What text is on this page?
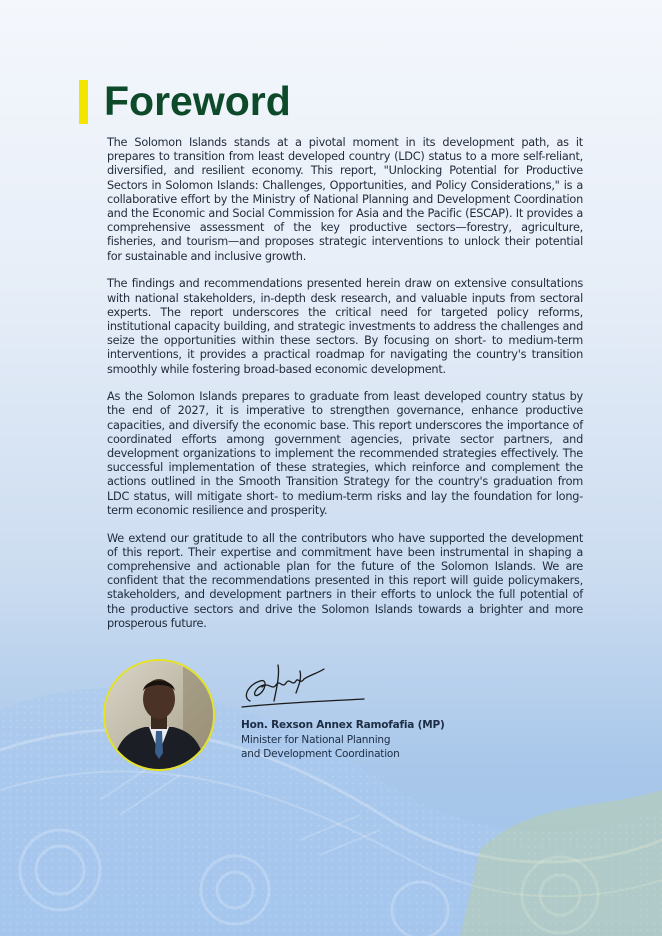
Foreword

The Solomon Islands stands at a pivotal moment in its development path, as it prepares to transition from least developed country (LDC) status to a more self-reliant, diversified, and resilient economy. This report, "Unlocking Potential for Productive Sectors in Solomon Islands: Challenges, Opportunities, and Policy Considerations," is a collaborative effort by the Ministry of National Planning and Development Coordination and the Economic and Social Commission for Asia and the Pacific (ESCAP). It provides a comprehensive assessment of the key productive sectors—forestry, agriculture, fisheries, and tourism—and proposes strategic interventions to unlock their potential for sustainable and inclusive growth.

The findings and recommendations presented herein draw on extensive consultations with national stakeholders, in-depth desk research, and valuable inputs from sectoral experts. The report underscores the critical need for targeted policy reforms, institutional capacity building, and strategic investments to address the challenges and seize the opportunities within these sectors. By focusing on short- to medium-term interventions, it provides a practical roadmap for navigating the country's transition smoothly while fostering broad-based economic development.

As the Solomon Islands prepares to graduate from least developed country status by the end of 2027, it is imperative to strengthen governance, enhance productive capacities, and diversify the economic base. This report underscores the importance of coordinated efforts among government agencies, private sector partners, and development organizations to implement the recommended strategies effectively. The successful implementation of these strategies, which reinforce and complement the actions outlined in the Smooth Transition Strategy for the country's graduation from LDC status, will mitigate short- to medium-term risks and lay the foundation for long-term economic resilience and prosperity.

We extend our gratitude to all the contributors who have supported the development of this report. Their expertise and commitment have been instrumental in shaping a comprehensive and actionable plan for the future of the Solomon Islands. We are confident that the recommendations presented in this report will guide policymakers, stakeholders, and development partners in their efforts to unlock the full potential of the productive sectors and drive the Solomon Islands towards a brighter and more prosperous future.

Hon. Rexson Annex Ramofafia (MP)
Minister for National Planning
and Development Coordination
